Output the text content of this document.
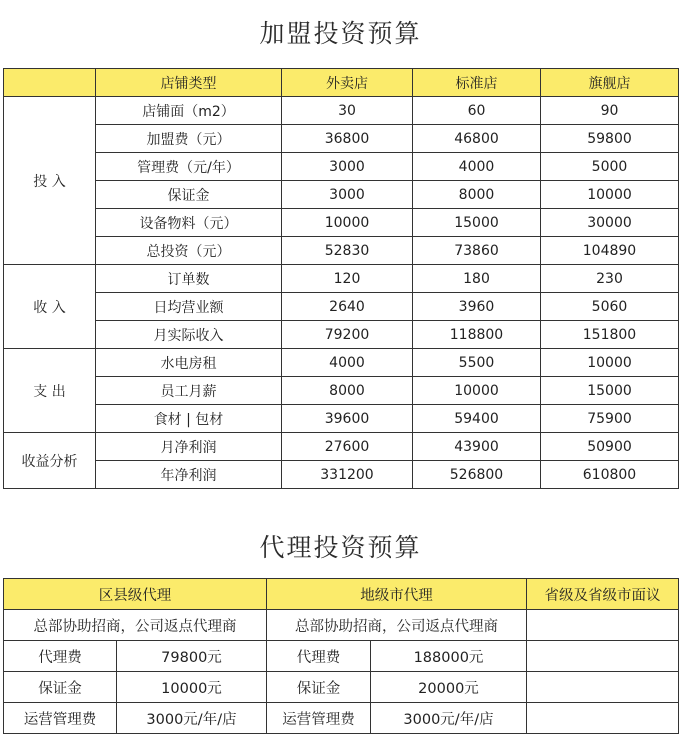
加盟投资预算
	店铺类型	外卖店	标准店	旗舰店
投 入	店铺面（m2）	30	60	90
	加盟费（元）	36800	46800	59800
	管理费（元/年）	3000	4000	5000
	保证金	3000	8000	10000
	设备物料（元）	10000	15000	30000
	总投资（元）	52830	73860	104890
收 入	订单数	120	180	230
	日均营业额	2640	3960	5060
	月实际收入	79200	118800	151800
支 出	水电房租	4000	5500	10000
	员工月薪	8000	10000	15000
	食材 | 包材	39600	59400	75900
收益分析	月净利润	27600	43900	50900
	年净利润	331200	526800	610800
代理投资预算
区县级代理		地级市代理		省级及省级市面议
总部协助招商，公司返点代理商		总部协助招商，公司返点代理商		
代理费	79800元	代理费	188000元	
保证金	10000元	保证金	20000元	
运营管理费	3000元/年/店	运营管理费	3000元/年/店	
